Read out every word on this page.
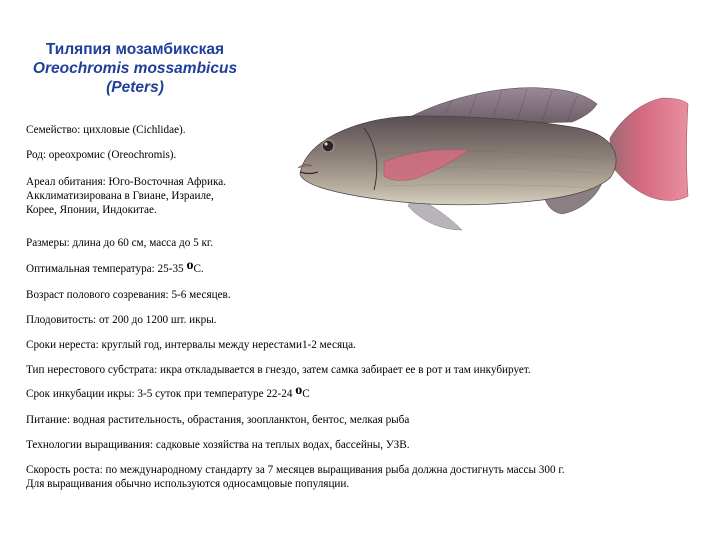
Тиляпия мозамбикская
Oreochromis mossambicus
(Peters)
Семейство: цихловые (Cichlidae).
Род: ореохромис (Oreochromis).
Ареал обитания: Юго-Восточная Африка.
Акклиматизирована в Гвиане, Израиле,
Корее, Японии, Индокитае.
Размеры: длина до 60 см, масса до 5 кг.
Оптимальная температура: 25-35 оС.
Возраст полового созревания: 5-6 месяцев.
Плодовитость: от 200 до 1200 шт. икры.
Сроки нереста: круглый год, интервалы между нерестами1-2 месяца.
Тип нерестового субстрата: икра откладывается в гнездо, затем самка забирает ее в рот и там инкубирует.
Срок инкубации икры: 3-5 суток при температуре 22-24 оС
Питание: водная растительность, обрастания, зоопланктон, бентос, мелкая рыба
Технологии выращивания: садковые хозяйства на теплых водах, бассейны, УЗВ.
Скорость роста: по международному стандарту за 7 месяцев выращивания рыба должна достигнуть массы 300 г.
Для выращивания обычно используются односамцовые популяции.
